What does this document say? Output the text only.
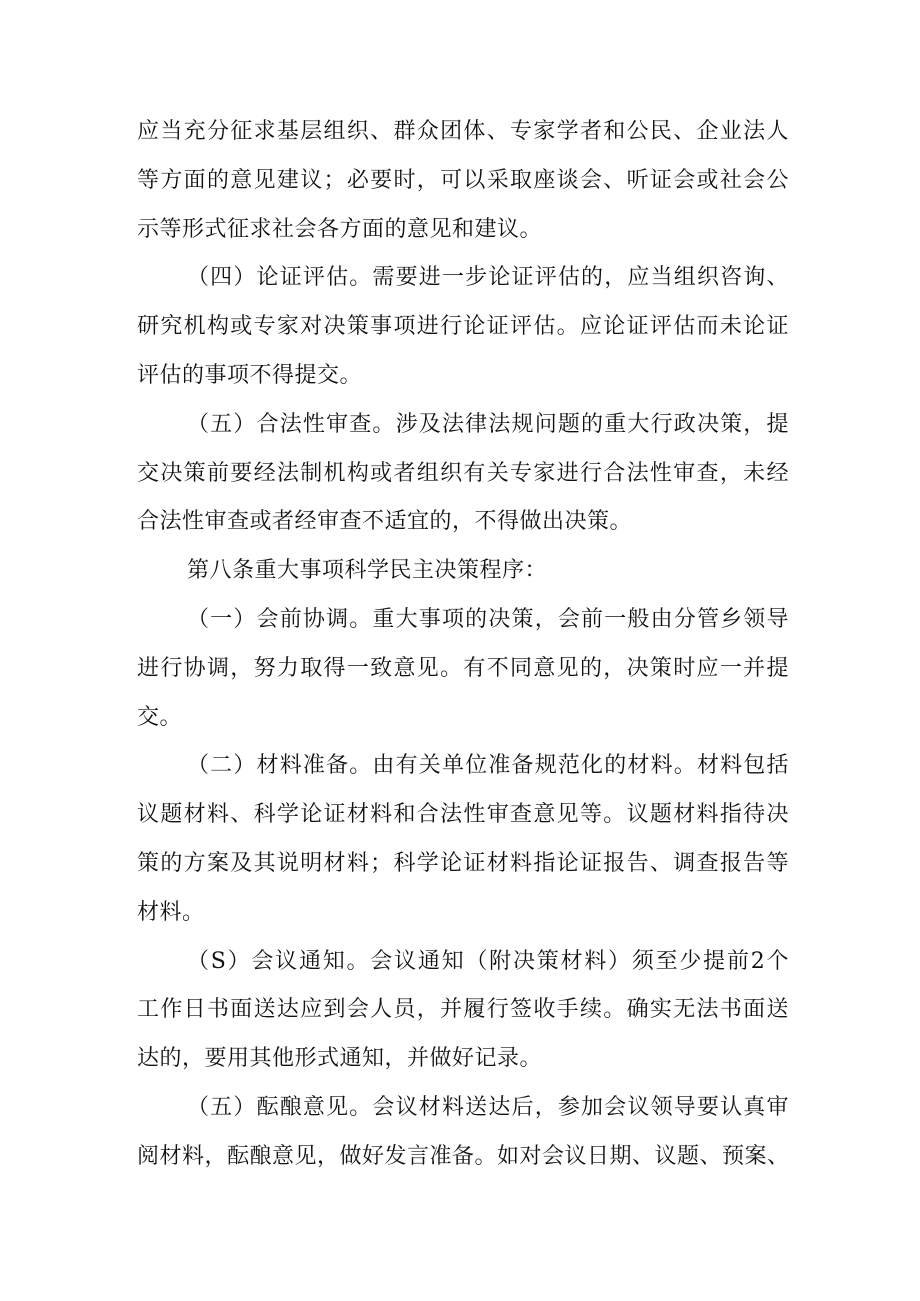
应当充分征求基层组织、群众团体、专家学者和公民、企业法人
等方面的意见建议；必要时，可以采取座谈会、听证会或社会公
示等形式征求社会各方面的意见和建议。
（四）论证评估。需要进一步论证评估的，应当组织咨询、
研究机构或专家对决策事项进行论证评估。应论证评估而未论证
评估的事项不得提交。
（五）合法性审查。涉及法律法规问题的重大行政决策，提
交决策前要经法制机构或者组织有关专家进行合法性审查，未经
合法性审查或者经审查不适宜的，不得做出决策。
第八条重大事项科学民主决策程序：
（一）会前协调。重大事项的决策，会前一般由分管乡领导
进行协调，努力取得一致意见。有不同意见的，决策时应一并提
交。
（二）材料准备。由有关单位准备规范化的材料。材料包括
议题材料、科学论证材料和合法性审查意见等。议题材料指待决
策的方案及其说明材料；科学论证材料指论证报告、调查报告等
材料。
（S）会议通知。会议通知（附决策材料）须至少提前2个
工作日书面送达应到会人员，并履行签收手续。确实无法书面送
达的，要用其他形式通知，并做好记录。
（五）酝酿意见。会议材料送达后，参加会议领导要认真审
阅材料，酝酿意见，做好发言准备。如对会议日期、议题、预案、
